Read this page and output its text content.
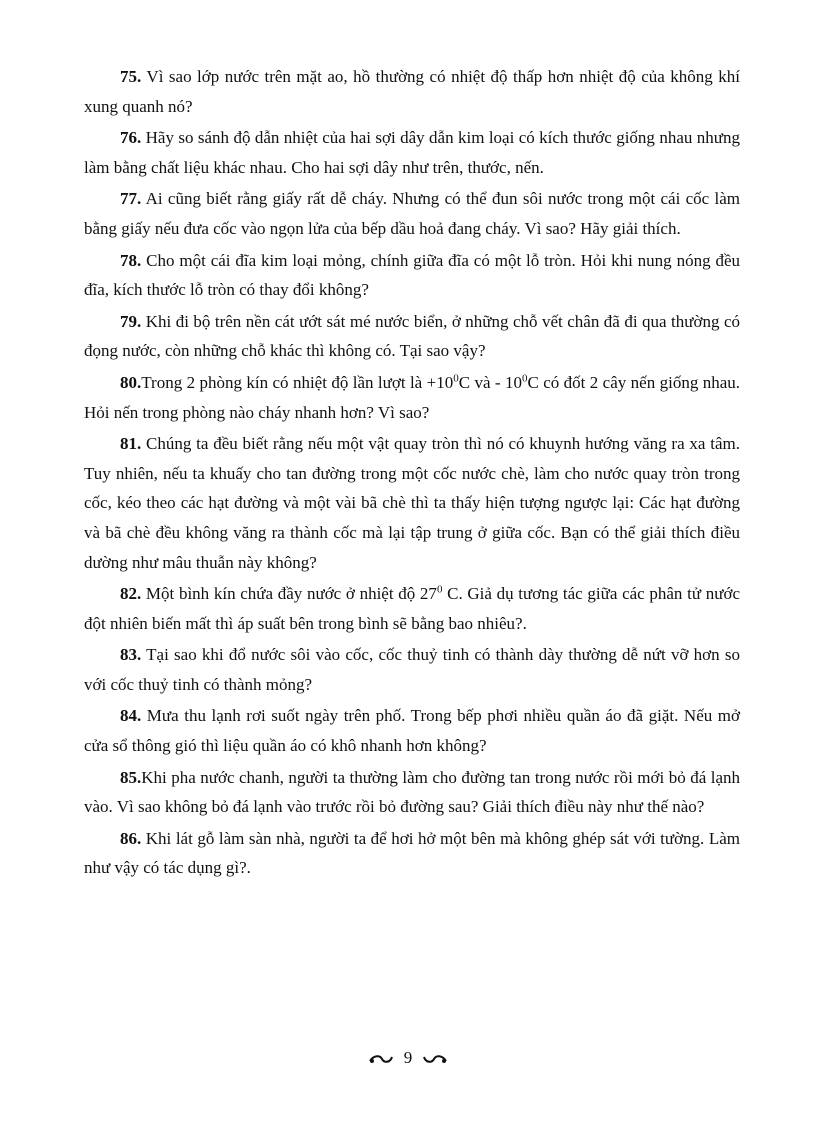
75. Vì sao lớp nước trên mặt ao, hồ thường có nhiệt độ thấp hơn nhiệt độ của không khí xung quanh nó?

76. Hãy so sánh độ dẫn nhiệt của hai sợi dây dẫn kim loại có kích thước giống nhau nhưng làm bằng chất liệu khác nhau. Cho hai sợi dây như trên, thước, nến.

77. Ai cũng biết rằng giấy rất dễ cháy. Nhưng có thể đun sôi nước trong một cái cốc làm bằng giấy nếu đưa cốc vào ngọn lửa của bếp dầu hoả đang cháy. Vì sao? Hãy giải thích.

78. Cho một cái đĩa kim loại mỏng, chính giữa đĩa có một lỗ tròn. Hỏi khi nung nóng đều đĩa, kích thước lỗ tròn có thay đổi không?

79. Khi đi bộ trên nền cát ướt sát mé nước biển, ở những chỗ vết chân đã đi qua thường có đọng nước, còn những chỗ khác thì không có. Tại sao vậy?

80.Trong 2 phòng kín có nhiệt độ lần lượt là $+10^0C$ và - $10^0C$ có đốt 2 cây nến giống nhau. Hỏi nến trong phòng nào cháy nhanh hơn? Vì sao?

81. Chúng ta đều biết rằng nếu một vật quay tròn thì nó có khuynh hướng văng ra xa tâm. Tuy nhiên, nếu ta khuấy cho tan đường trong một cốc nước chè, làm cho nước quay tròn trong cốc, kéo theo các hạt đường và một vài bã chè thì ta thấy hiện tượng ngược lại: Các hạt đường và bã chè đều không văng ra thành cốc mà lại tập trung ở giữa cốc. Bạn có thể giải thích điều dường như mâu thuẫn này không?

82. Một bình kín chứa đầy nước ở nhiệt độ $27^0$ C. Giả dụ tương tác giữa các phân tử nước đột nhiên biến mất thì áp suất bên trong bình sẽ bằng bao nhiêu?.

83. Tại sao khi đổ nước sôi vào cốc, cốc thuỷ tinh có thành dày thường dễ nứt vỡ hơn so với cốc thuỷ tinh có thành mỏng?

84. Mưa thu lạnh rơi suốt ngày trên phố. Trong bếp phơi nhiều quần áo đã giặt. Nếu mở cửa sổ thông gió thì liệu quần áo có khô nhanh hơn không?

85.Khi pha nước chanh, người ta thường làm cho đường tan trong nước rồi mới bỏ đá lạnh vào. Vì sao không bỏ đá lạnh vào trước rồi bỏ đường sau? Giải thích điều này như thế nào?

86. Khi lát gỗ làm sàn nhà, người ta để hơi hở một bên mà không ghép sát với tường. Làm như vậy có tác dụng gì?.

9
